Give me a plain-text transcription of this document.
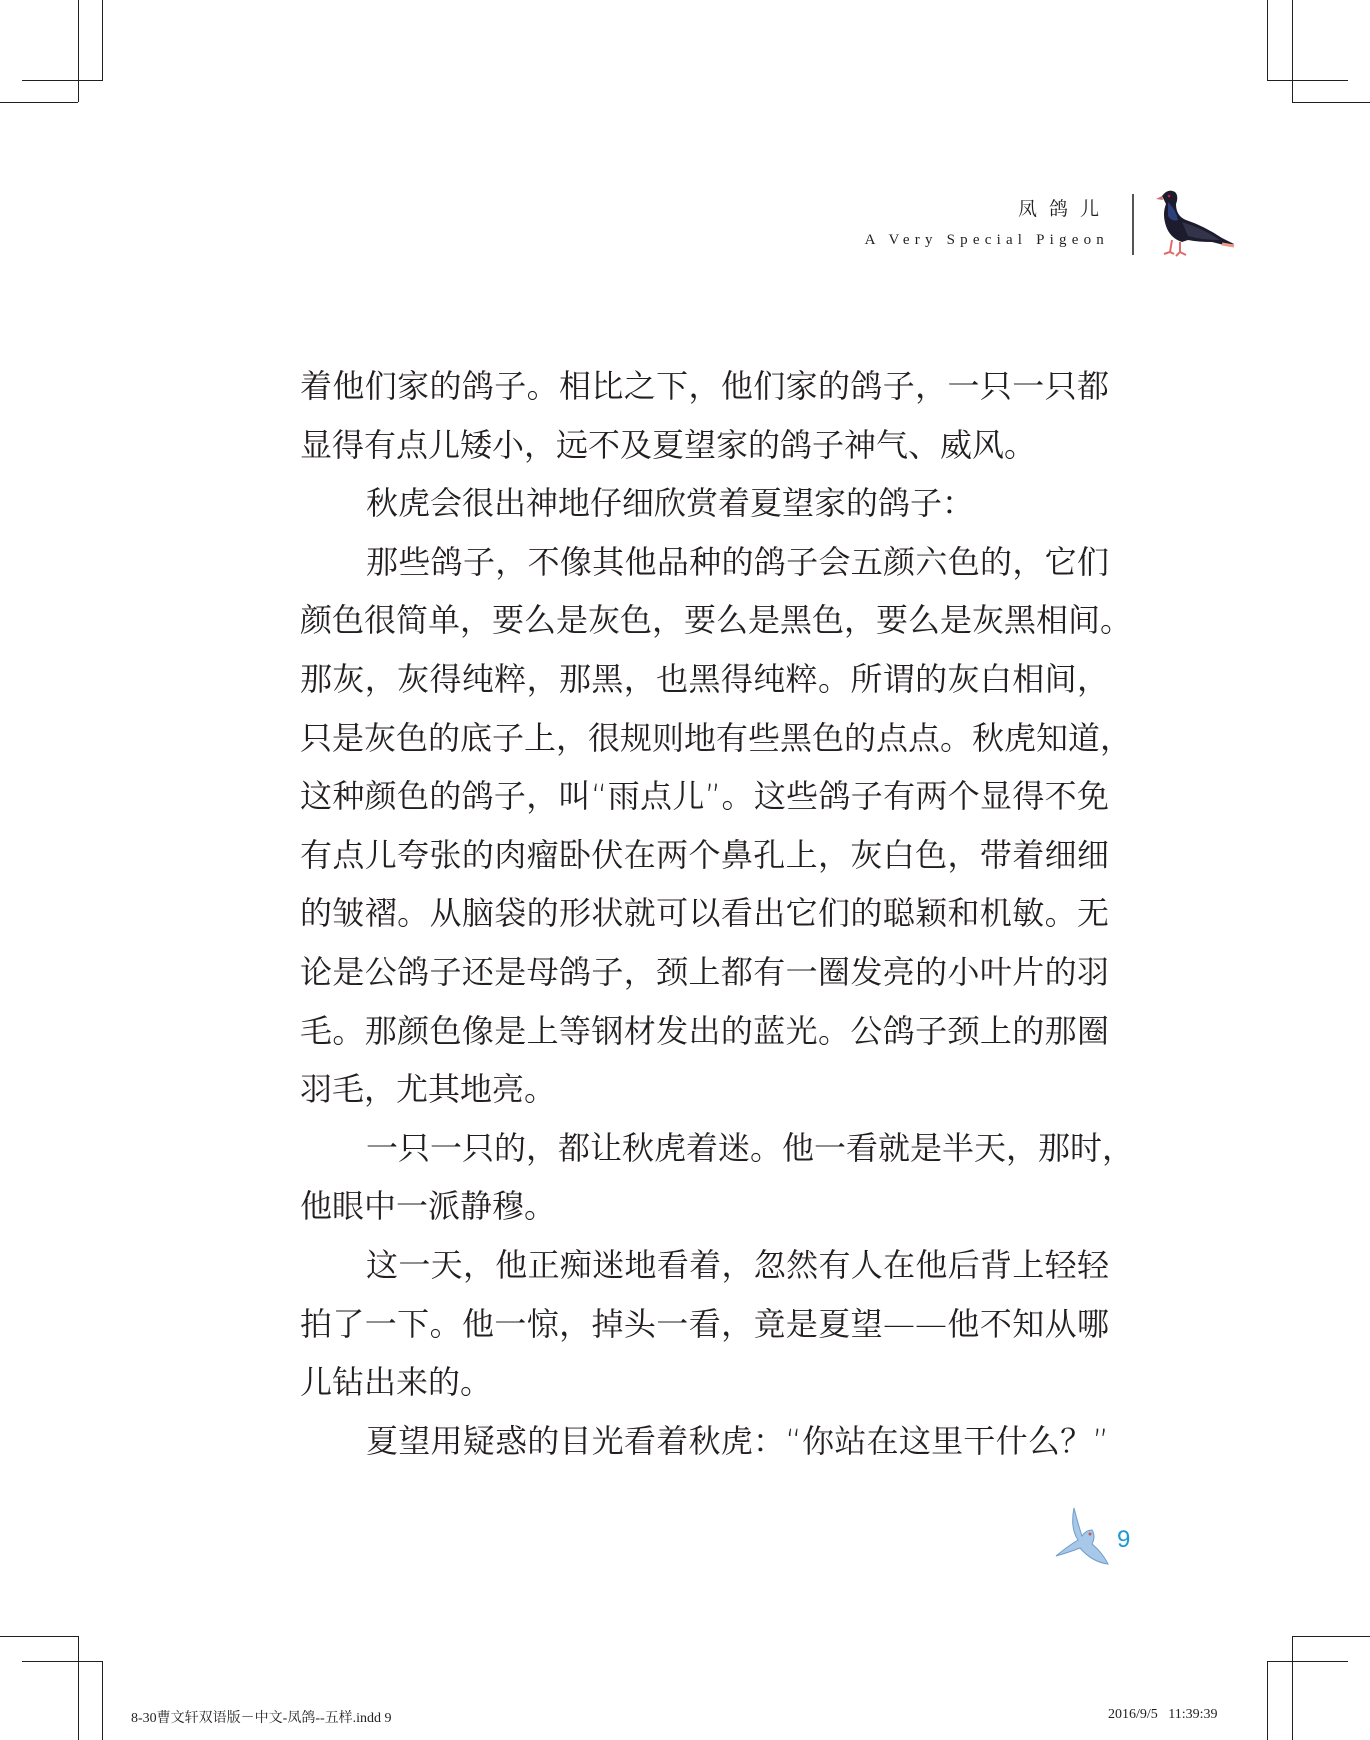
凤鸽儿
A Very Special Pigeon
着他们家的鸽子。相比之下，他们家的鸽子，一只一只都
显得有点儿矮小，远不及夏望家的鸽子神气、威风。
秋虎会很出神地仔细欣赏着夏望家的鸽子：
那些鸽子，不像其他品种的鸽子会五颜六色的，它们
颜色很简单，要么是灰色，要么是黑色，要么是灰黑相间。
那灰，灰得纯粹，那黑，也黑得纯粹。所谓的灰白相间，
只是灰色的底子上，很规则地有些黑色的点点。秋虎知道，
这种颜色的鸽子，叫“雨点儿”。这些鸽子有两个显得不免
有点儿夸张的肉瘤卧伏在两个鼻孔上，灰白色，带着细细
的皱褶。从脑袋的形状就可以看出它们的聪颖和机敏。无
论是公鸽子还是母鸽子，颈上都有一圈发亮的小叶片的羽
毛。那颜色像是上等钢材发出的蓝光。公鸽子颈上的那圈
羽毛，尤其地亮。
一只一只的，都让秋虎着迷。他一看就是半天，那时，
他眼中一派静穆。
这一天，他正痴迷地看着，忽然有人在他后背上轻轻
拍了一下。他一惊，掉头一看，竟是夏望——他不知从哪
儿钻出来的。
夏望用疑惑的目光看着秋虎：“你站在这里干什么？”
9
8-30曹文轩双语版－中文-凤鸽--五样.indd 9	2016/9/5   11:39:39
